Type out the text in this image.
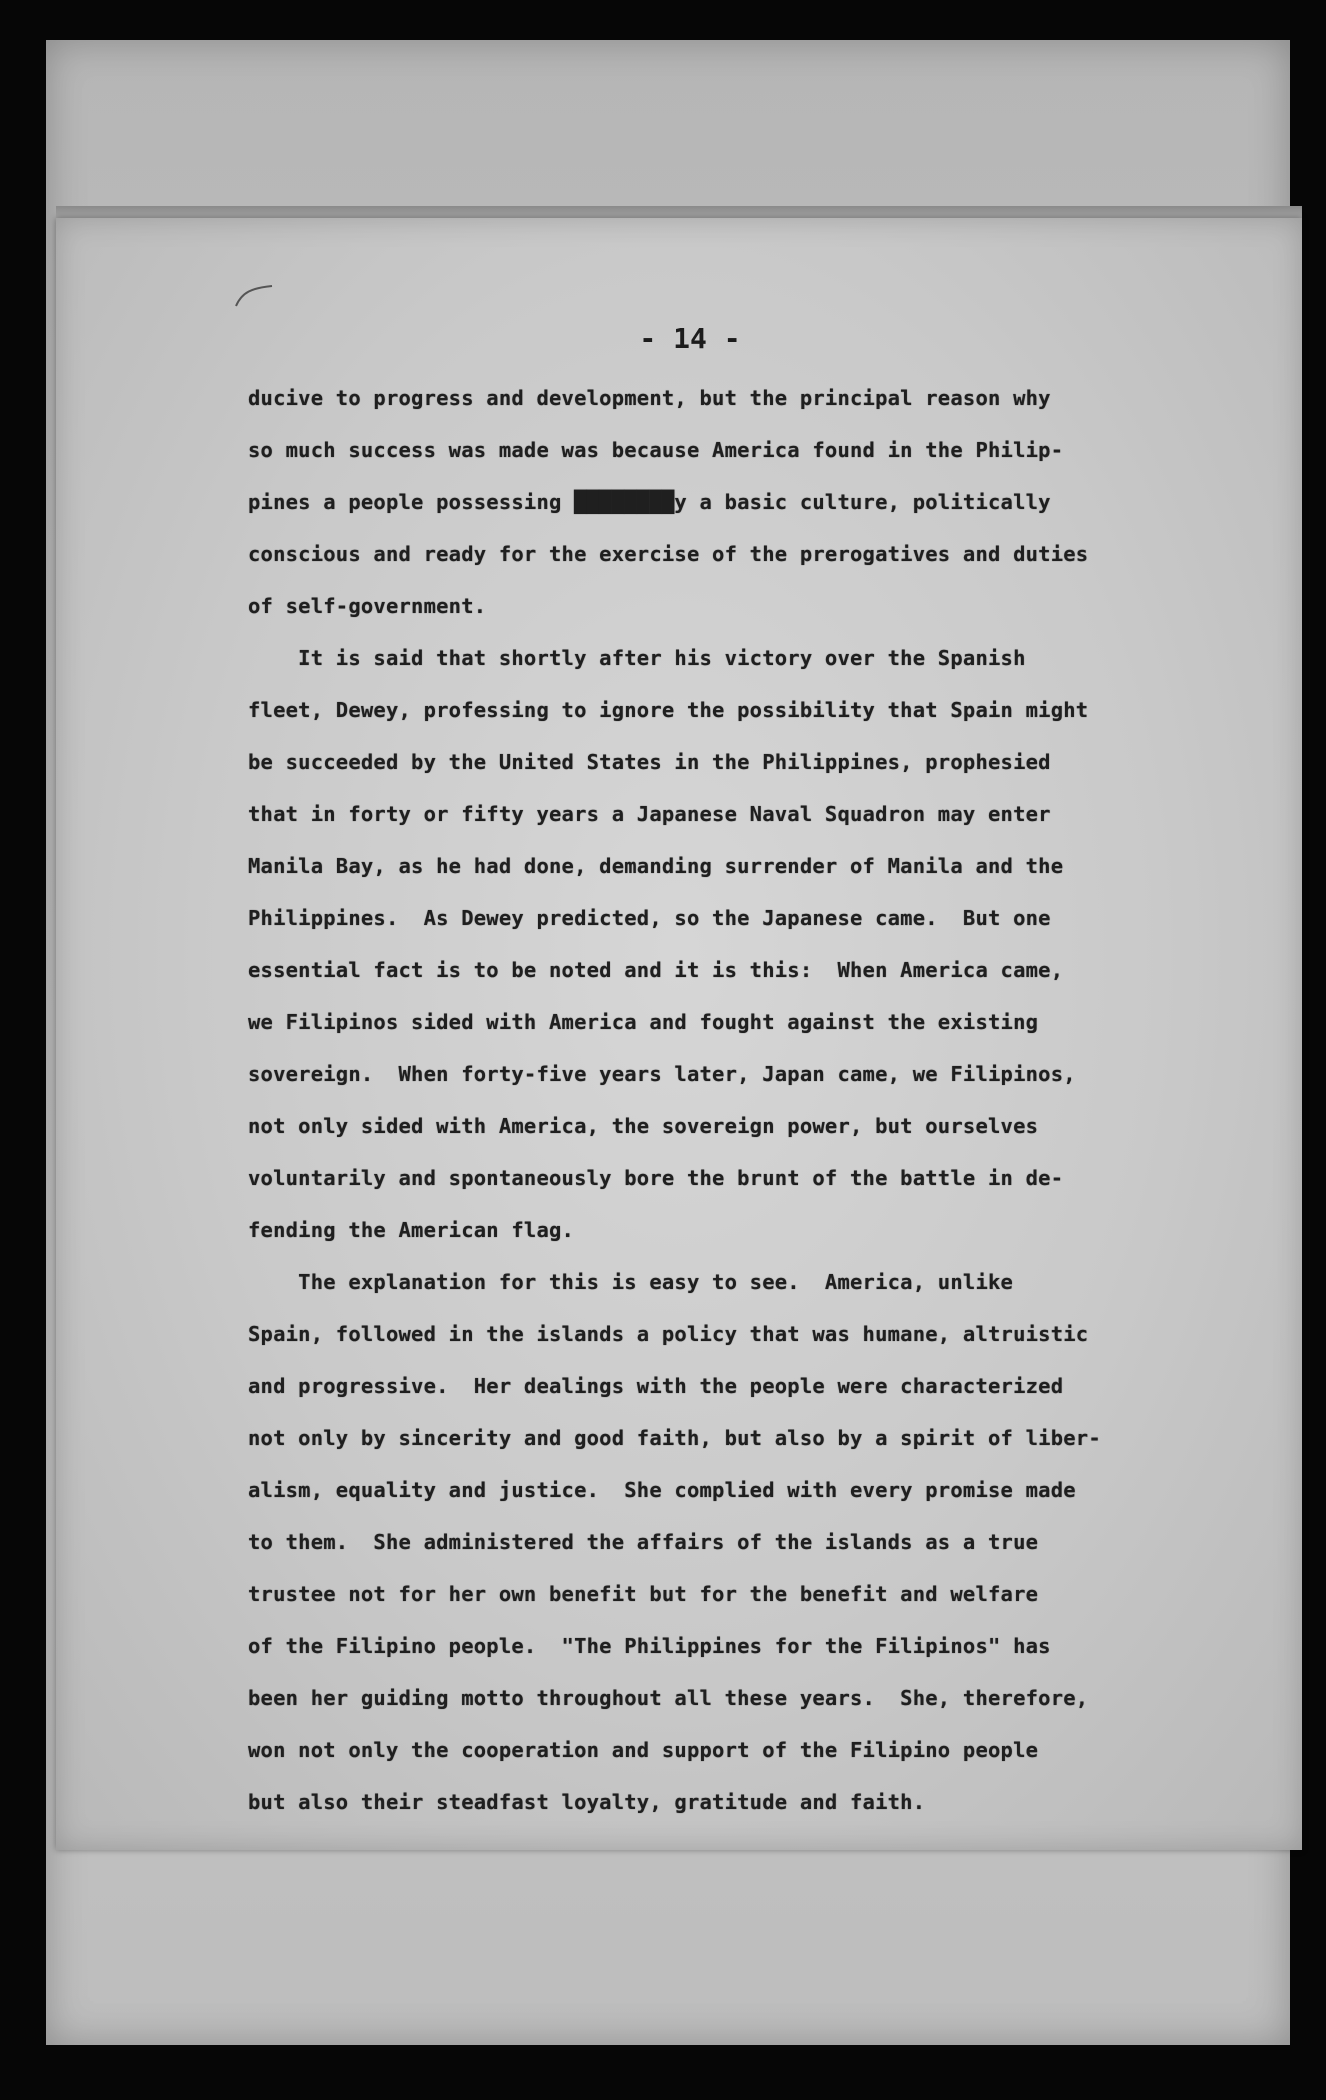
- 14 -
ducive to progress and development, but the principal reason why
so much success was made was because America found in the Philip-
pines a people possessing ████████y a basic culture, politically
conscious and ready for the exercise of the prerogatives and duties
of self-government.
It is said that shortly after his victory over the Spanish
fleet, Dewey, professing to ignore the possibility that Spain might
be succeeded by the United States in the Philippines, prophesied
that in forty or fifty years a Japanese Naval Squadron may enter
Manila Bay, as he had done, demanding surrender of Manila and the
Philippines.  As Dewey predicted, so the Japanese came.  But one
essential fact is to be noted and it is this:  When America came,
we Filipinos sided with America and fought against the existing
sovereign.  When forty-five years later, Japan came, we Filipinos,
not only sided with America, the sovereign power, but ourselves
voluntarily and spontaneously bore the brunt of the battle in de-
fending the American flag.
The explanation for this is easy to see.  America, unlike
Spain, followed in the islands a policy that was humane, altruistic
and progressive.  Her dealings with the people were characterized
not only by sincerity and good faith, but also by a spirit of liber-
alism, equality and justice.  She complied with every promise made
to them.  She administered the affairs of the islands as a true
trustee not for her own benefit but for the benefit and welfare
of the Filipino people.  "The Philippines for the Filipinos" has
been her guiding motto throughout all these years.  She, therefore,
won not only the cooperation and support of the Filipino people
but also their steadfast loyalty, gratitude and faith.
